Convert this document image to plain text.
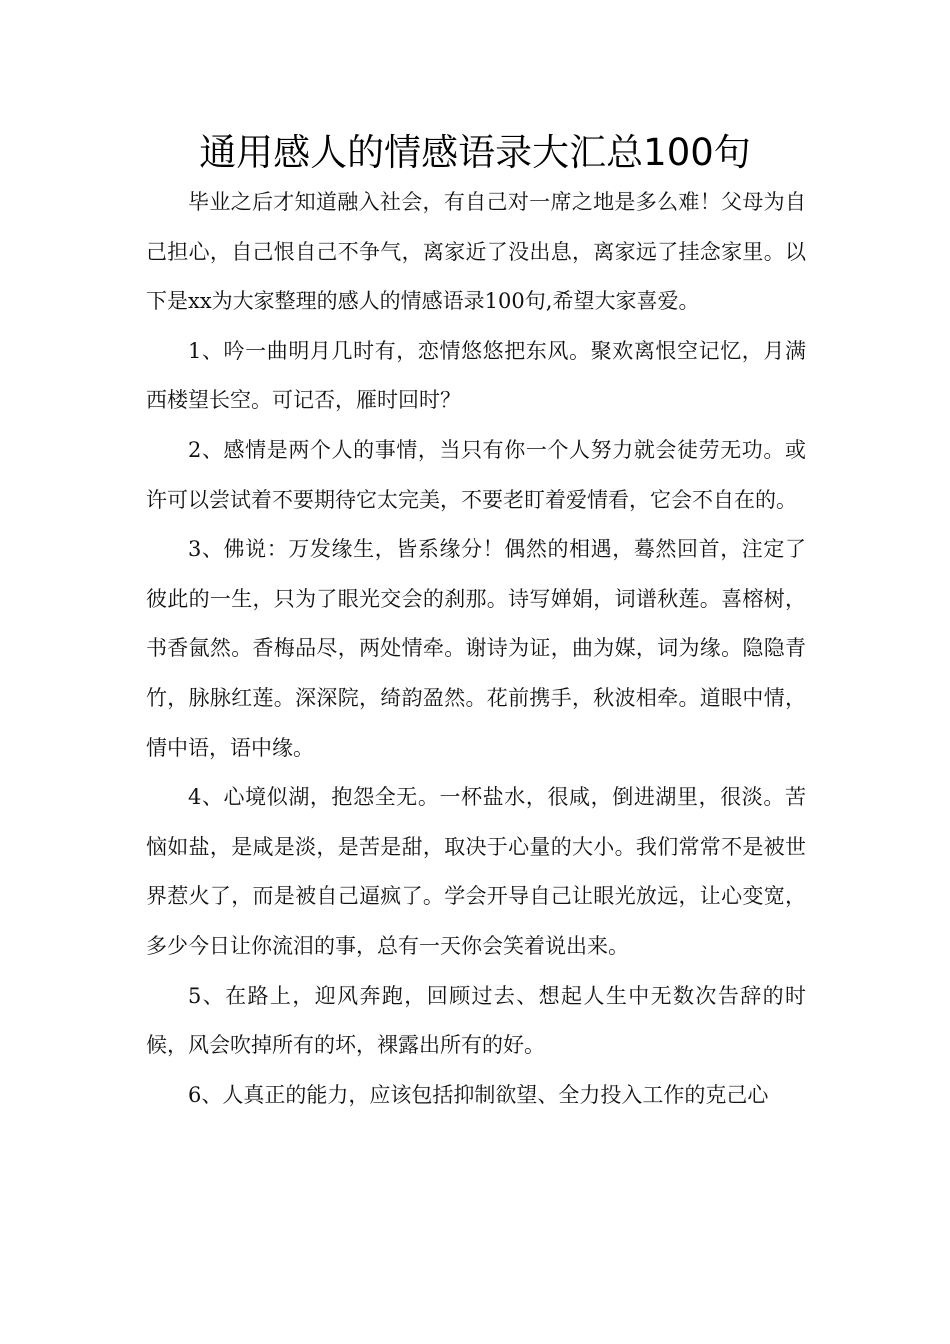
通用感人的情感语录大汇总100句

毕业之后才知道融入社会，有自己对一席之地是多么难！父母为自己担心，自己恨自己不争气，离家近了没出息，离家远了挂念家里。以下是xx为大家整理的感人的情感语录100句,希望大家喜爱。

1、吟一曲明月几时有，恋情悠悠把东风。聚欢离恨空记忆，月满西楼望长空。可记否，雁时回时？

2、感情是两个人的事情，当只有你一个人努力就会徒劳无功。或许可以尝试着不要期待它太完美，不要老盯着爱情看，它会不自在的。

3、佛说：万发缘生，皆系缘分！偶然的相遇，蓦然回首，注定了彼此的一生，只为了眼光交会的刹那。诗写婵娟，词谱秋莲。喜榕树，书香氤然。香梅品尽，两处情牵。谢诗为证，曲为媒，词为缘。隐隐青竹，脉脉红莲。深深院，绮韵盈然。花前携手，秋波相牵。道眼中情，情中语，语中缘。

4、心境似湖，抱怨全无。一杯盐水，很咸，倒进湖里，很淡。苦恼如盐，是咸是淡，是苦是甜，取决于心量的大小。我们常常不是被世界惹火了，而是被自己逼疯了。学会开导自己让眼光放远，让心变宽，多少今日让你流泪的事，总有一天你会笑着说出来。

5、在路上，迎风奔跑，回顾过去、想起人生中无数次告辞的时候，风会吹掉所有的坏，裸露出所有的好。

6、人真正的能力，应该包括抑制欲望、全力投入工作的克己心
